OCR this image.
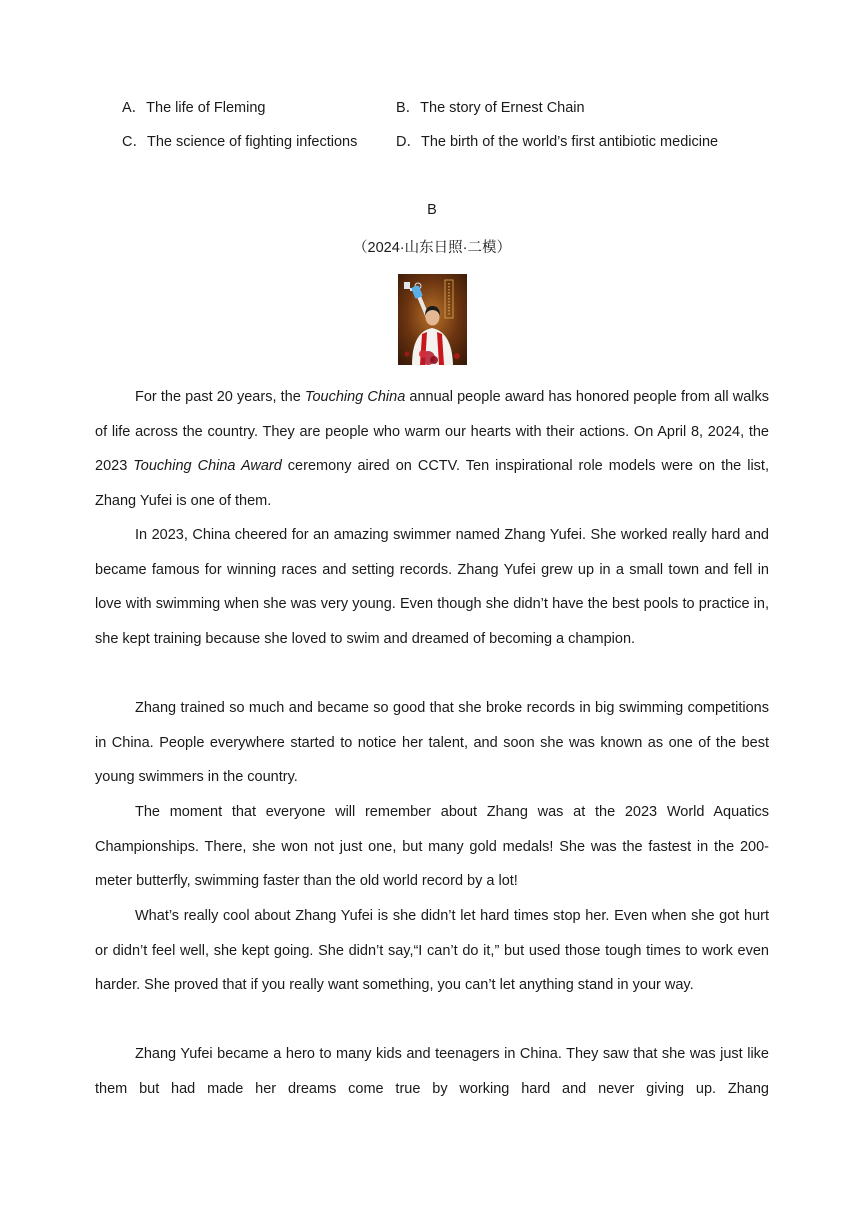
A．The life of Fleming	B．The story of Ernest Chain
C．The science of fighting infections	D．The birth of the world’s first antibiotic medicine
B
（2024·山东日照·二模）
For the past 20 years, the Touching China annual people award has honored people from all walks of life across the country. They are people who warm our hearts with their actions. On April 8, 2024, the 2023 Touching China Award ceremony aired on CCTV. Ten inspirational role models were on the list, Zhang Yufei is one of them.
In 2023, China cheered for an amazing swimmer named Zhang Yufei. She worked really hard and became famous for winning races and setting records. Zhang Yufei grew up in a small town and fell in love with swimming when she was very young. Even though she didn’t have the best pools to practice in, she kept training because she loved to swim and dreamed of becoming a champion.
Zhang trained so much and became so good that she broke records in big swimming competitions in China. People everywhere started to notice her talent, and soon she was known as one of the best young swimmers in the country.
The moment that everyone will remember about Zhang was at the 2023 World Aquatics Championships. There, she won not just one, but many gold medals! She was the fastest in the 200-meter butterfly, swimming faster than the old world record by a lot!
What’s really cool about Zhang Yufei is she didn’t let hard times stop her. Even when she got hurt or didn’t feel well, she kept going. She didn’t say,“I can’t do it,” but used those tough times to work even harder. She proved that if you really want something, you can’t let anything stand in your way.
Zhang Yufei became a hero to many kids and teenagers in China. They saw that she was just like them but had made her dreams come true by working hard and never giving up. Zhang
